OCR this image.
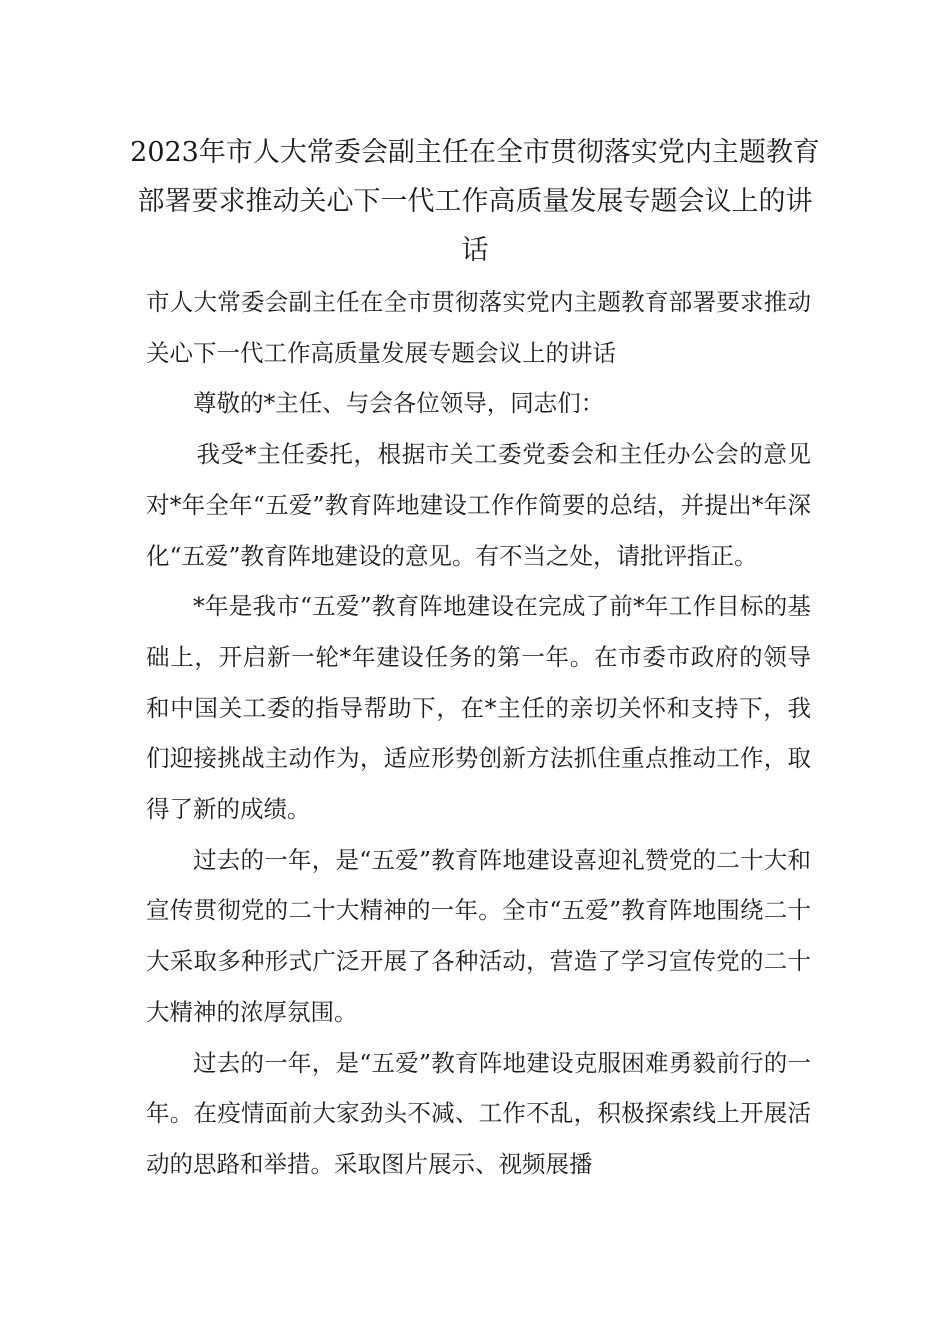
2023年市人大常委会副主任在全市贯彻落实党内主题教育部署要求推动关心下一代工作高质量发展专题会议上的讲话

市人大常委会副主任在全市贯彻落实党内主题教育部署要求推动关心下一代工作高质量发展专题会议上的讲话

尊敬的*主任、与会各位领导，同志们：

我受*主任委托，根据市关工委党委会和主任办公会的意见对*年全年“五爱”教育阵地建设工作作简要的总结，并提出*年深化“五爱”教育阵地建设的意见。有不当之处，请批评指正。

*年是我市“五爱”教育阵地建设在完成了前*年工作目标的基础上，开启新一轮*年建设任务的第一年。在市委市政府的领导和中国关工委的指导帮助下，在*主任的亲切关怀和支持下，我们迎接挑战主动作为，适应形势创新方法抓住重点推动工作，取得了新的成绩。

过去的一年，是“五爱”教育阵地建设喜迎礼赞党的二十大和宣传贯彻党的二十大精神的一年。全市“五爱”教育阵地围绕二十大采取多种形式广泛开展了各种活动，营造了学习宣传党的二十大精神的浓厚氛围。

过去的一年，是“五爱”教育阵地建设克服困难勇毅前行的一年。在疫情面前大家劲头不减、工作不乱，积极探索线上开展活动的思路和举措。采取图片展示、视频展播
